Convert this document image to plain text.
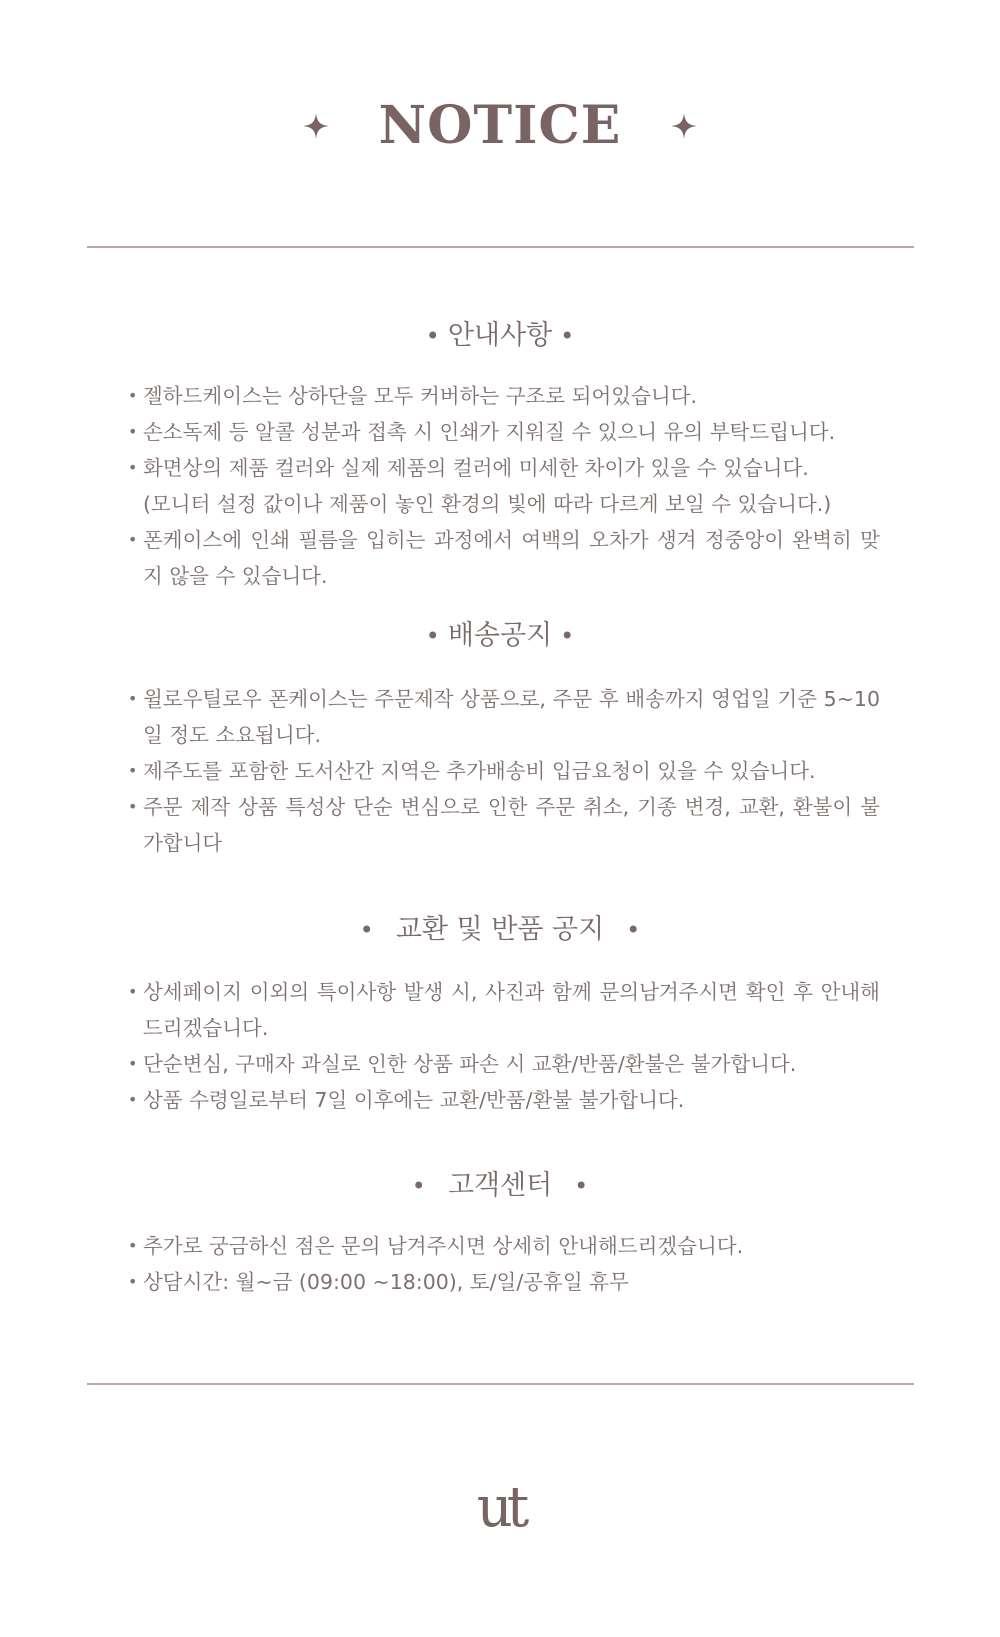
NOTICE
• 안내사항 •
• 젤하드케이스는 상하단을 모두 커버하는 구조로 되어있습니다.
• 손소독제 등 알콜 성분과 접촉 시 인쇄가 지워질 수 있으니 유의 부탁드립니다.
• 화면상의 제품 컬러와 실제 제품의 컬러에 미세한 차이가 있을 수 있습니다.
(모니터 설정 값이나 제품이 놓인 환경의 빛에 따라 다르게 보일 수 있습니다.)
• 폰케이스에 인쇄 필름을 입히는 과정에서 여백의 오차가 생겨 정중앙이 완벽히 맞지 않을 수 있습니다.
• 배송공지 •
• 윌로우틸로우 폰케이스는 주문제작 상품으로, 주문 후 배송까지 영업일 기준 5~10일 정도 소요됩니다.
• 제주도를 포함한 도서산간 지역은 추가배송비 입금요청이 있을 수 있습니다.
• 주문 제작 상품 특성상 단순 변심으로 인한 주문 취소, 기종 변경, 교환, 환불이 불가합니다
• 교환 및 반품 공지 •
• 상세페이지 이외의 특이사항 발생 시, 사진과 함께 문의남겨주시면 확인 후 안내해드리겠습니다.
• 단순변심, 구매자 과실로 인한 상품 파손 시 교환/반품/환불은 불가합니다.
• 상품 수령일로부터 7일 이후에는 교환/반품/환불 불가합니다.
• 고객센터 •
• 추가로 궁금하신 점은 문의 남겨주시면 상세히 안내해드리겠습니다.
• 상담시간: 월~금 (09:00 ~18:00), 토/일/공휴일 휴무
ut
